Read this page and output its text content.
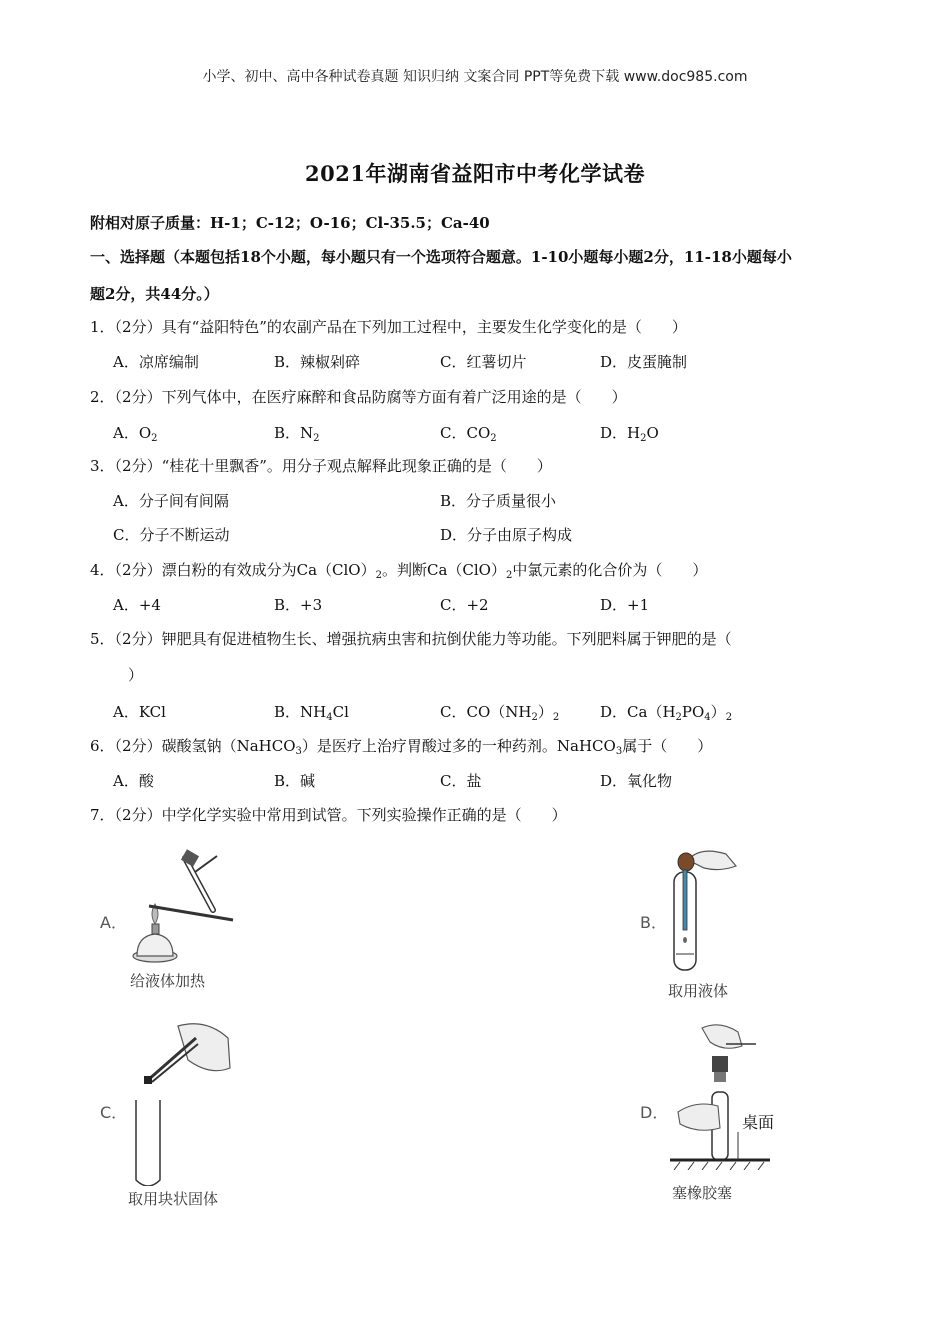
小学、初中、高中各种试卷真题 知识归纳 文案合同 PPT等免费下载 www.doc985.com
2021年湖南省益阳市中考化学试卷
附相对原子质量：H-1；C-12；O-16；Cl-35.5；Ca-40
一、选择题（本题包括18个小题，每小题只有一个选项符合题意。1-10小题每小题2分，11-18小题每小
题2分，共44分。）
1．（2分）具有“益阳特色”的农副产品在下列加工过程中，主要发生化学变化的是（　　）
A．凉席编制	B．辣椒剁碎	C．红薯切片	D．皮蛋腌制
2．（2分）下列气体中，在医疗麻醉和食品防腐等方面有着广泛用途的是（　　）
A．$O_2$	B．$N_2$	C．$CO_2$	D．$H_2O$
3．（2分）“桂花十里飘香”。用分子观点解释此现象正确的是（　　）
A．分子间有间隔	B．分子质量很小
C．分子不断运动	D．分子由原子构成
4．（2分）漂白粉的有效成分为$Ca(ClO)_2$。判断$Ca(ClO)_2$中氯元素的化合价为（　　）
A．+4	B．+3	C．+2	D．+1
5．（2分）钾肥具有促进植物生长、增强抗病虫害和抗倒伏能力等功能。下列肥料属于钾肥的是（
）
A．KCl	B．$NH_4Cl$	C．$CO(NH_2)_2$	D．$Ca(H_2PO_4)_2$
6．（2分）碳酸氢钠（NaHCO$_3$）是医疗上治疗胃酸过多的一种药剂。NaHCO$_3$属于（　　）
A．酸	B．碱	C．盐	D．氧化物
7．（2分）中学化学实验中常用到试管。下列实验操作正确的是（　　）
A．
给液体加热
B．
取用液体
C．
取用块状固体
D．
桌面
塞橡胶塞
